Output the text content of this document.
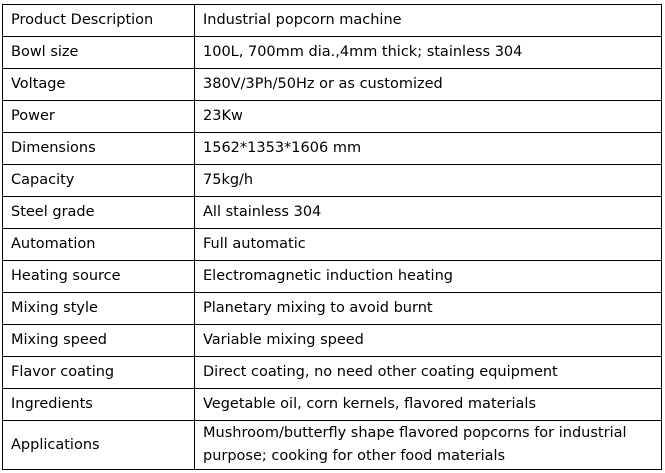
Product Description	Industrial popcorn machine
Bowl size	100L, 700mm dia.,4mm thick; stainless 304
Voltage	380V/3Ph/50Hz or as customized
Power	23Kw
Dimensions	1562*1353*1606 mm
Capacity	75kg/h
Steel grade	All stainless 304
Automation	Full automatic
Heating source	Electromagnetic induction heating
Mixing style	Planetary mixing to avoid burnt
Mixing speed	Variable mixing speed
Flavor coating	Direct coating, no need other coating equipment
Ingredients	Vegetable oil, corn kernels, flavored materials
Applications	Mushroom/butterfly shape flavored popcorns for industrial purpose; cooking for other food materials
